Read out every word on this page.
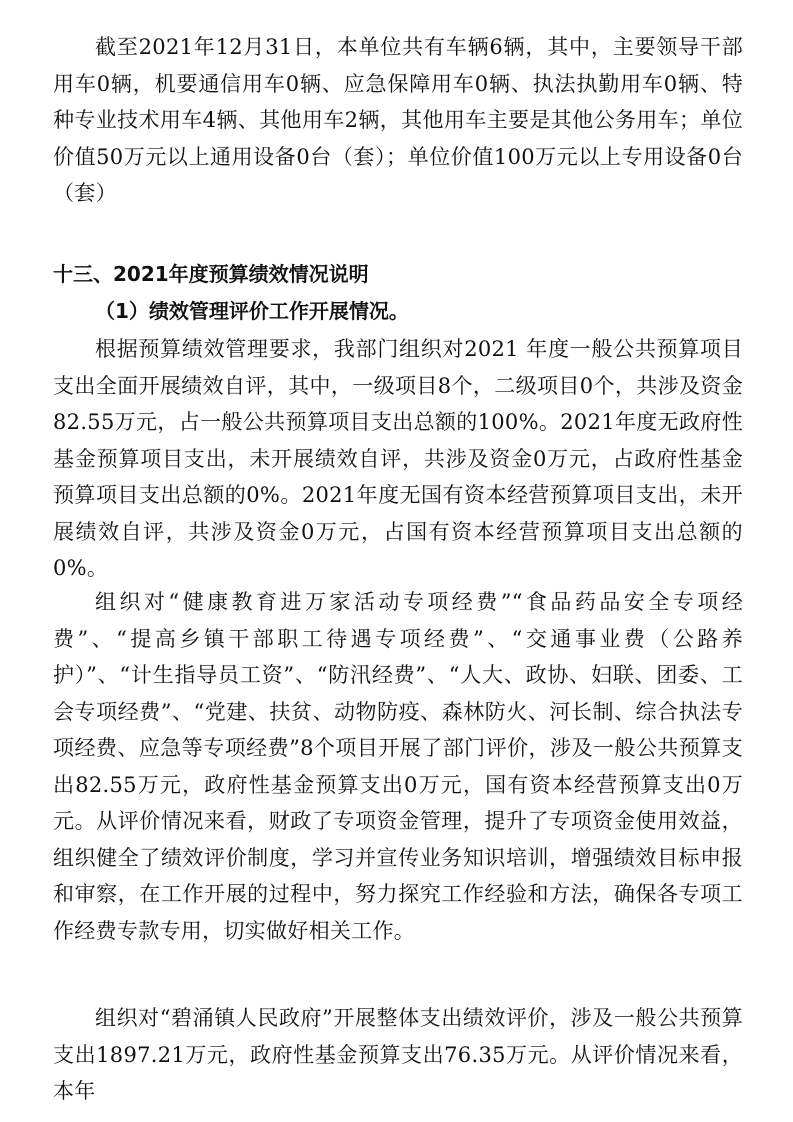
截至2021年12月31日，本单位共有车辆6辆，其中，主要领导干部用车0辆，机要通信用车0辆、应急保障用车0辆、执法执勤用车0辆、特种专业技术用车4辆、其他用车2辆，其他用车主要是其他公务用车；单位价值50万元以上通用设备0台（套）；单位价值100万元以上专用设备0台（套）

十三、2021年度预算绩效情况说明

（1）绩效管理评价工作开展情况。

根据预算绩效管理要求，我部门组织对2021 年度一般公共预算项目支出全面开展绩效自评，其中，一级项目8个，二级项目0个，共涉及资金82.55万元，占一般公共预算项目支出总额的100%。2021年度无政府性基金预算项目支出，未开展绩效自评，共涉及资金0万元，占政府性基金预算项目支出总额的0%。2021年度无国有资本经营预算项目支出，未开展绩效自评，共涉及资金0万元，占国有资本经营预算项目支出总额的0%。

组织对“健康教育进万家活动专项经费”“食品药品安全专项经费”、“提高乡镇干部职工待遇专项经费”、“交通事业费（公路养护）”、“计生指导员工资”、“防汛经费”、“人大、政协、妇联、团委、工会专项经费”、“党建、扶贫、动物防疫、森林防火、河长制、综合执法专项经费、应急等专项经费”8个项目开展了部门评价，涉及一般公共预算支出82.55万元，政府性基金预算支出0万元，国有资本经营预算支出0万元。从评价情况来看，财政了专项资金管理，提升了专项资金使用效益，组织健全了绩效评价制度，学习并宣传业务知识培训，增强绩效目标申报和审察，在工作开展的过程中，努力探究工作经验和方法，确保各专项工作经费专款专用，切实做好相关工作。

组织对“碧涌镇人民政府”开展整体支出绩效评价，涉及一般公共预算支出1897.21万元，政府性基金预算支出76.35万元。从评价情况来看，本年
